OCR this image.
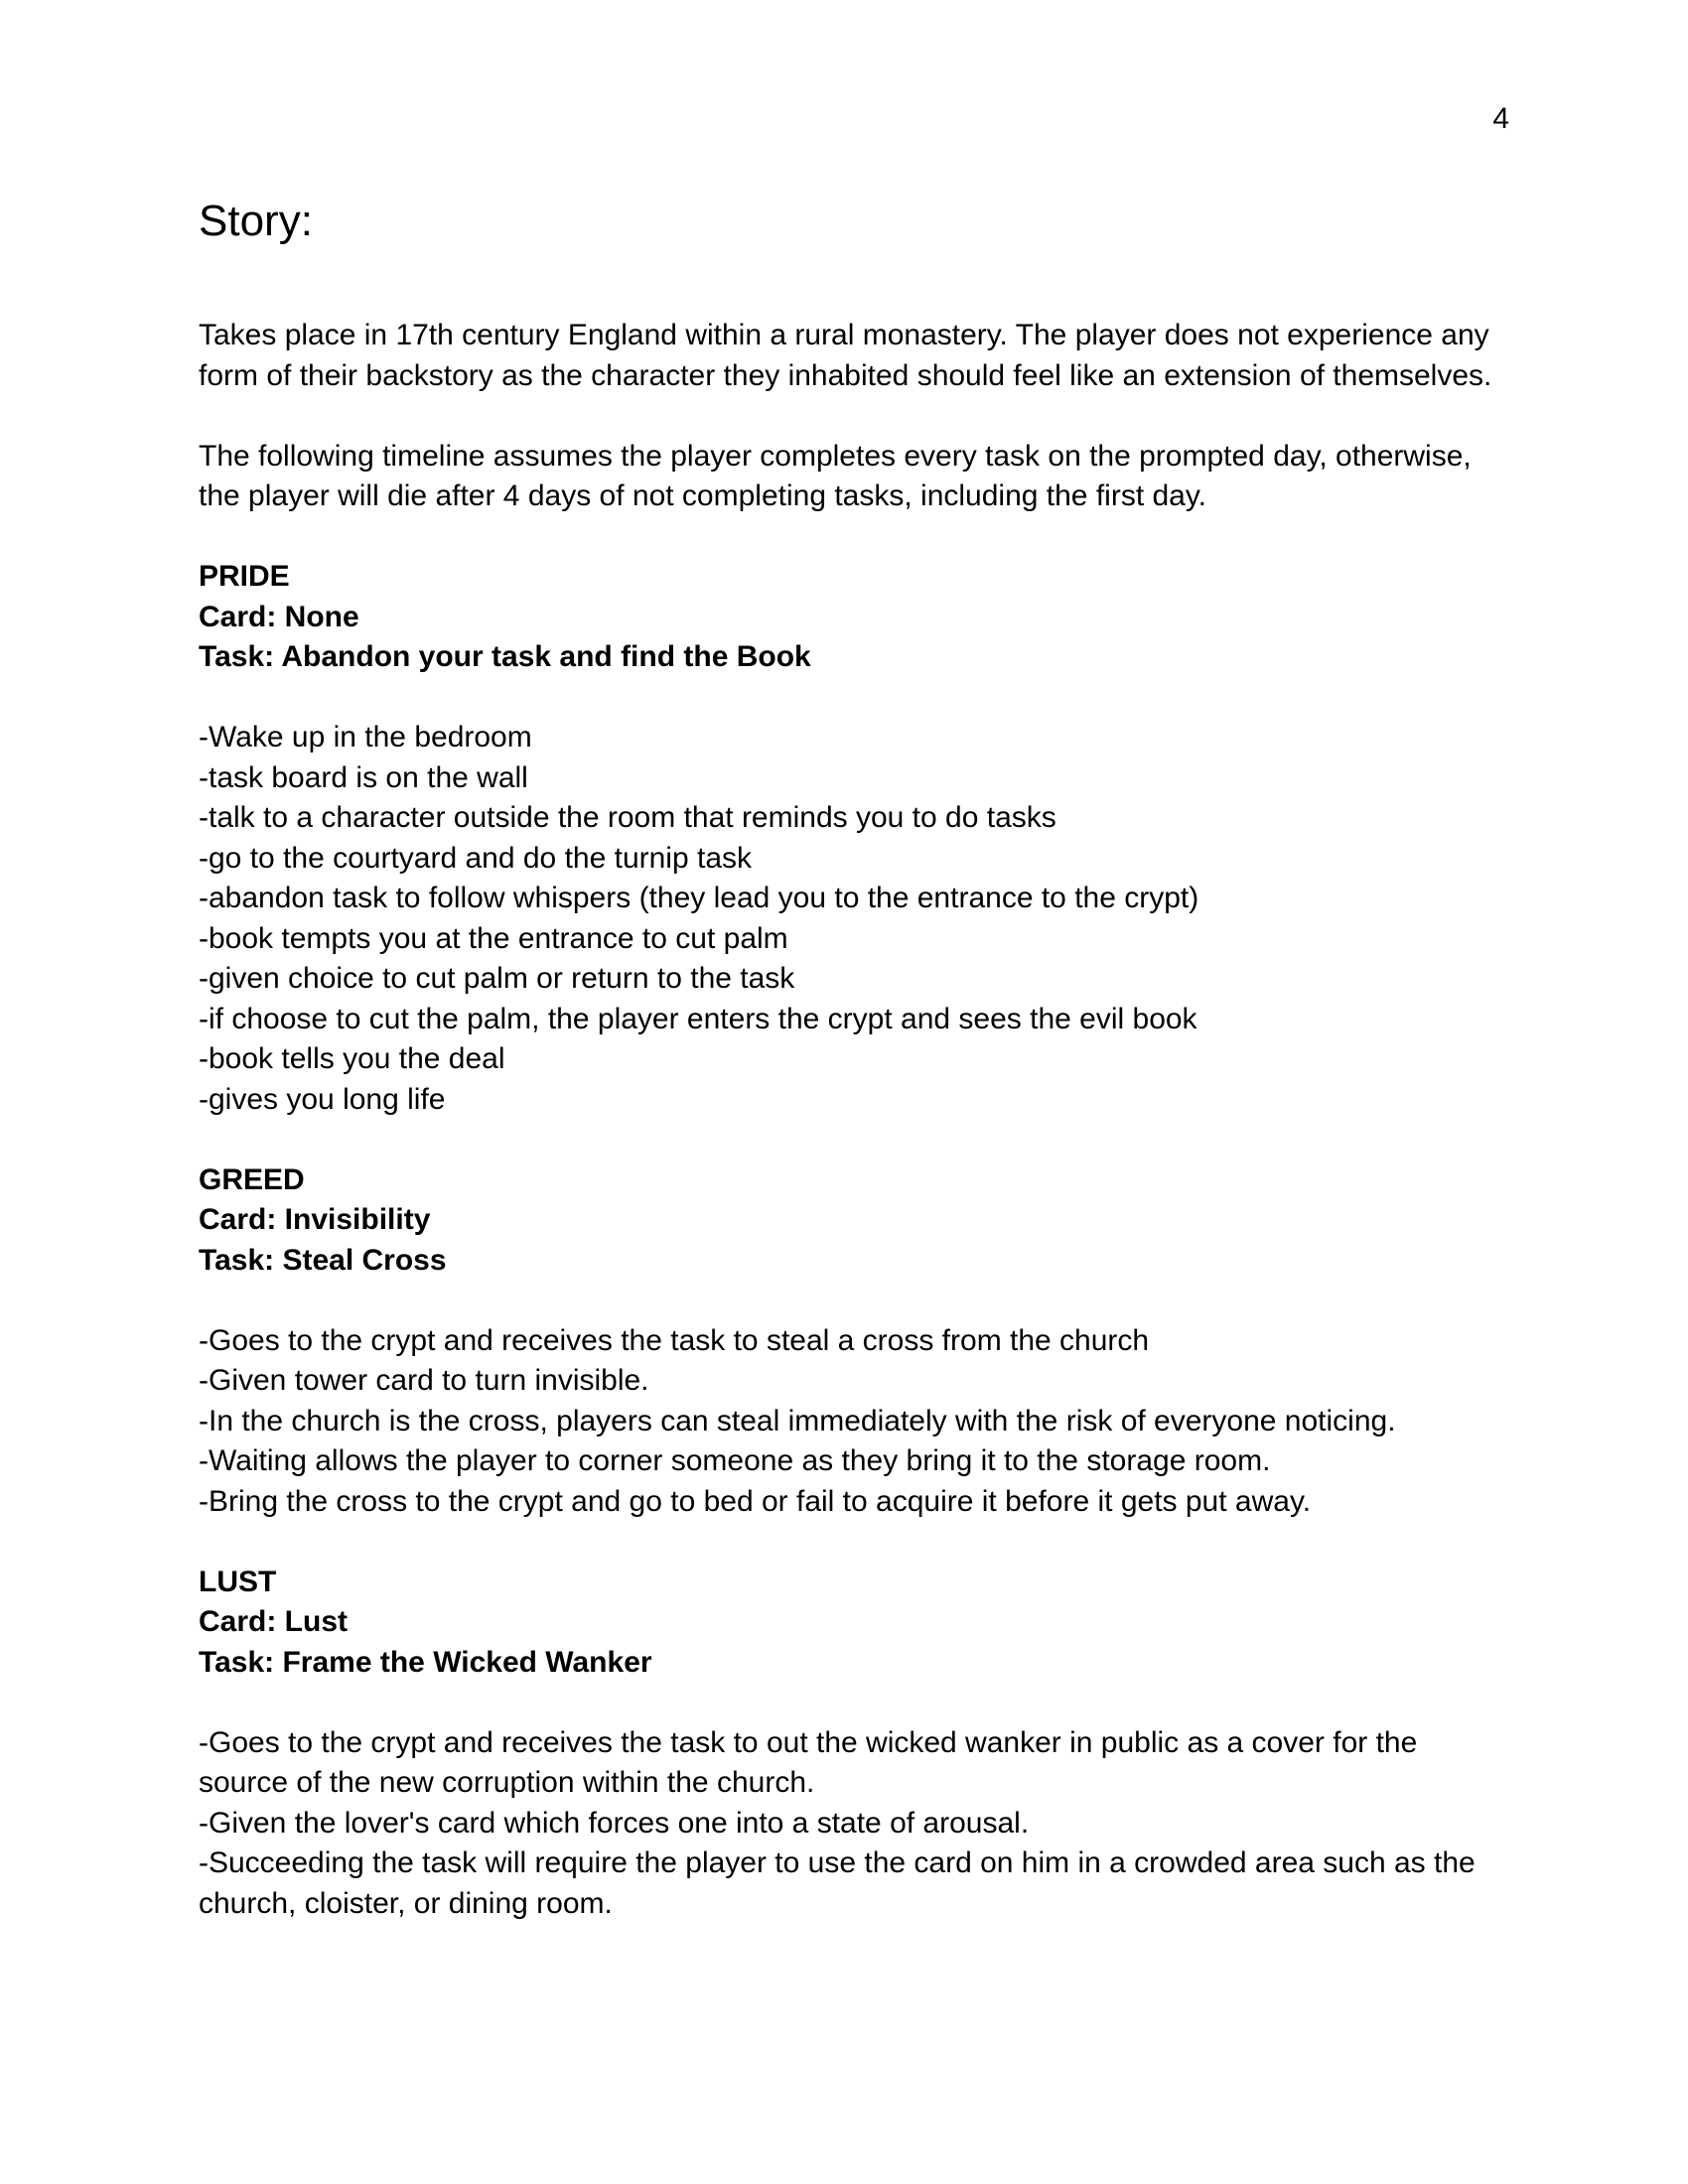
4
Story:

Takes place in 17th century England within a rural monastery. The player does not experience any form of their backstory as the character they inhabited should feel like an extension of themselves.

The following timeline assumes the player completes every task on the prompted day, otherwise, the player will die after 4 days of not completing tasks, including the first day.

PRIDE
Card: None
Task: Abandon your task and find the Book
-Wake up in the bedroom
-task board is on the wall
-talk to a character outside the room that reminds you to do tasks
-go to the courtyard and do the turnip task
-abandon task to follow whispers (they lead you to the entrance to the crypt)
-book tempts you at the entrance to cut palm
-given choice to cut palm or return to the task
-if choose to cut the palm, the player enters the crypt and sees the evil book
-book tells you the deal
-gives you long life
GREED
Card: Invisibility
Task: Steal Cross
-Goes to the crypt and receives the task to steal a cross from the church
-Given tower card to turn invisible.
-In the church is the cross, players can steal immediately with the risk of everyone noticing.
-Waiting allows the player to corner someone as they bring it to the storage room.
-Bring the cross to the crypt and go to bed or fail to acquire it before it gets put away.
LUST
Card: Lust
Task: Frame the Wicked Wanker
-Goes to the crypt and receives the task to out the wicked wanker in public as a cover for the source of the new corruption within the church.
-Given the lover's card which forces one into a state of arousal.
-Succeeding the task will require the player to use the card on him in a crowded area such as the church, cloister, or dining room.
